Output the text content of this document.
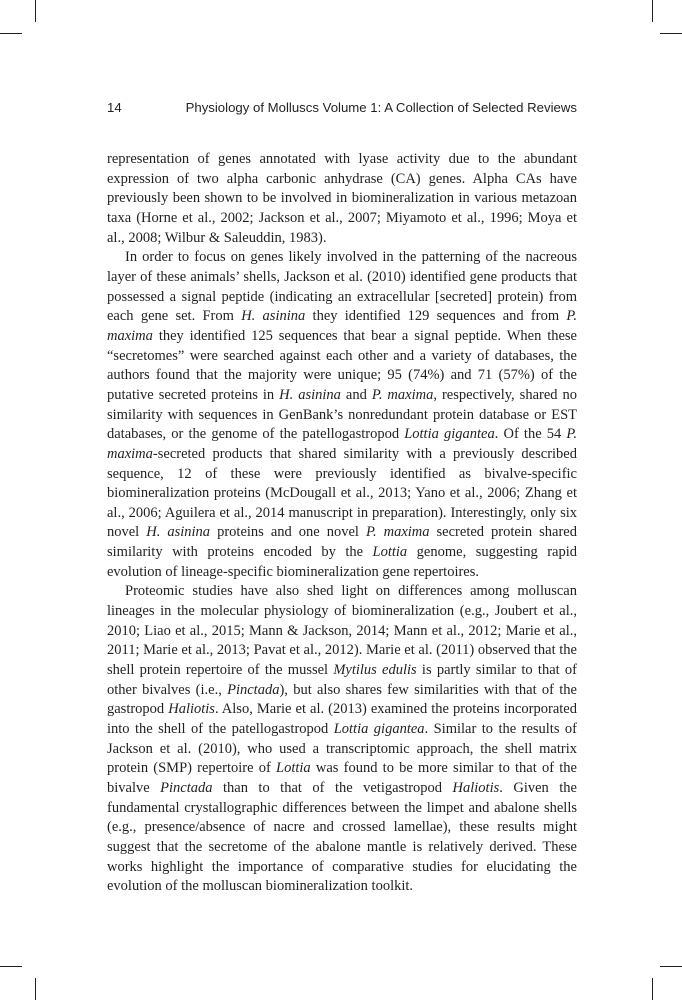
14	Physiology of Molluscs Volume 1: A Collection of Selected Reviews

representation of genes annotated with lyase activity due to the abundant expression of two alpha carbonic anhydrase (CA) genes. Alpha CAs have previously been shown to be involved in biomineralization in various metazoan taxa (Horne et al., 2002; Jackson et al., 2007; Miyamoto et al., 1996; Moya et al., 2008; Wilbur & Saleuddin, 1983).

In order to focus on genes likely involved in the patterning of the nacreous layer of these animals’ shells, Jackson et al. (2010) identified gene products that possessed a signal peptide (indicating an extracellular [secreted] protein) from each gene set. From H. asinina they identified 129 sequences and from P. maxima they identified 125 sequences that bear a signal peptide. When these “secretomes” were searched against each other and a variety of databases, the authors found that the majority were unique; 95 (74%) and 71 (57%) of the putative secreted proteins in H. asinina and P. maxima, respectively, shared no similarity with sequences in GenBank’s nonredundant protein database or EST databases, or the genome of the patellogastropod Lottia gigantea. Of the 54 P. maxima-secreted products that shared similarity with a previously described sequence, 12 of these were previously identified as bivalve-specific biomineralization proteins (McDougall et al., 2013; Yano et al., 2006; Zhang et al., 2006; Aguilera et al., 2014 manuscript in preparation). Interestingly, only six novel H. asinina proteins and one novel P. maxima secreted protein shared similarity with proteins encoded by the Lottia genome, suggesting rapid evolution of lineage-specific biomineralization gene repertoires.

Proteomic studies have also shed light on differences among molluscan lineages in the molecular physiology of biomineralization (e.g., Joubert et al., 2010; Liao et al., 2015; Mann & Jackson, 2014; Mann et al., 2012; Marie et al., 2011; Marie et al., 2013; Pavat et al., 2012). Marie et al. (2011) observed that the shell protein repertoire of the mussel Mytilus edulis is partly similar to that of other bivalves (i.e., Pinctada), but also shares few similarities with that of the gastropod Haliotis. Also, Marie et al. (2013) examined the proteins incorporated into the shell of the patellogastropod Lottia gigantea. Similar to the results of Jackson et al. (2010), who used a transcriptomic approach, the shell matrix protein (SMP) repertoire of Lottia was found to be more similar to that of the bivalve Pinctada than to that of the vetigastropod Haliotis. Given the fundamental crystallographic differences between the limpet and abalone shells (e.g., presence/absence of nacre and crossed lamellae), these results might suggest that the secretome of the abalone mantle is relatively derived. These works highlight the importance of comparative studies for elucidating the evolution of the molluscan biomineralization toolkit.
